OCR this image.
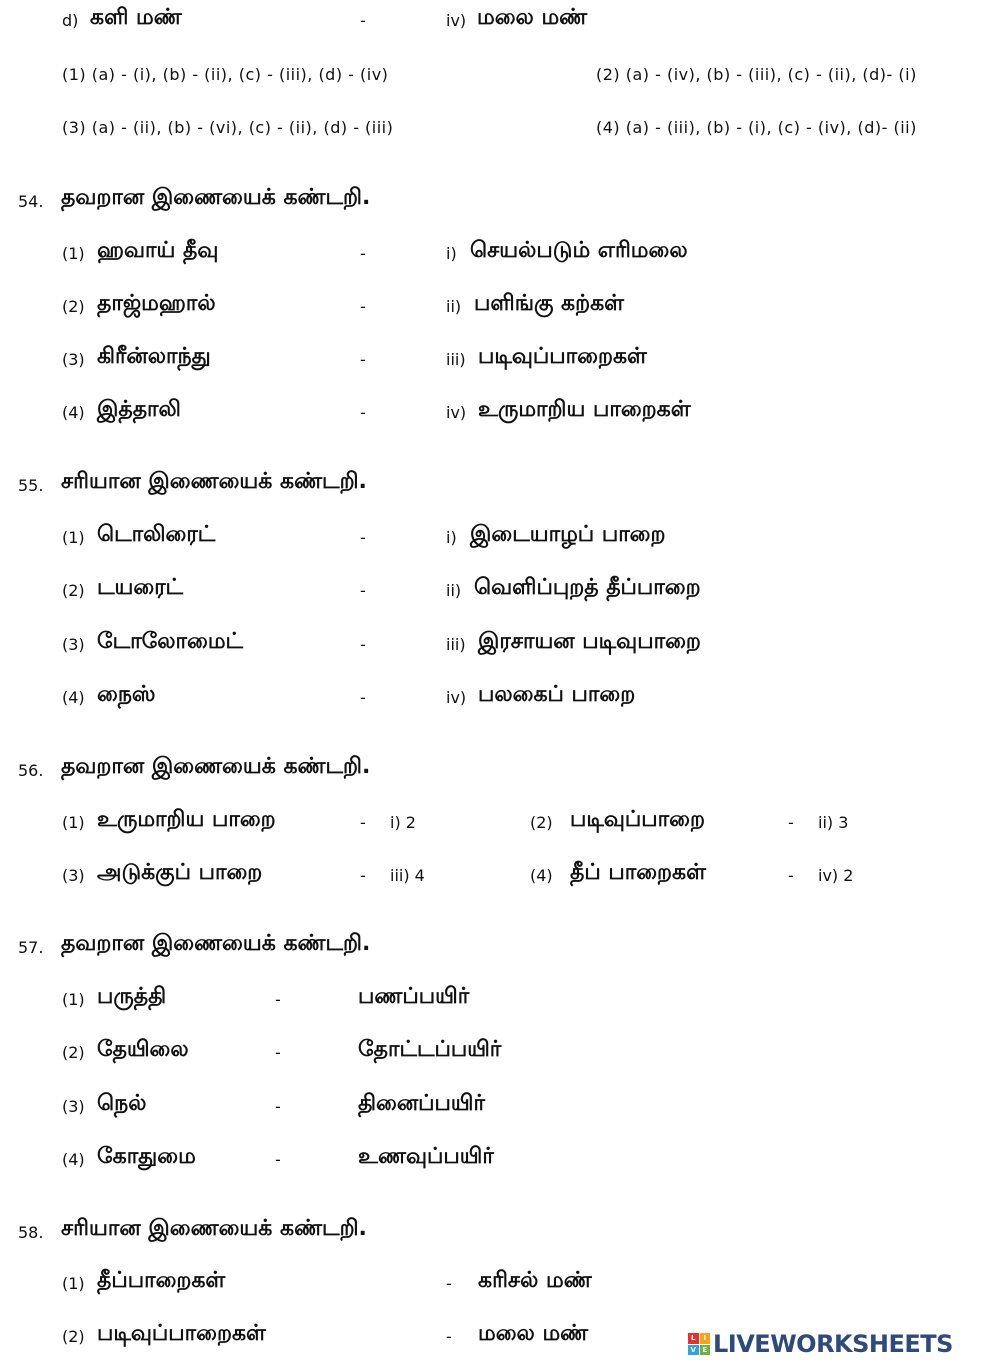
d) களி மண்	-	iv) மலை மண்
(1) (a) - (i), (b) - (ii), (c) - (iii), (d) - (iv)	(2) (a) - (iv), (b) - (iii), (c) - (ii), (d)- (i)
(3) (a) - (ii), (b) - (vi), (c) - (ii), (d) - (iii)	(4) (a) - (iii), (b) - (i), (c) - (iv), (d)- (ii)
54. தவறான இணையைக் கண்டறி.
(1) ஹவாய் தீவு	-	i) செயல்படும் எரிமலை
(2) தாஜ்மஹால்	-	ii) பளிங்கு கற்கள்
(3) கிரீன்லாந்து	-	iii) படிவுப்பாறைகள்
(4) இத்தாலி	-	iv) உருமாறிய பாறைகள்
55. சரியான இணையைக் கண்டறி.
(1) டொலிரைட்	-	i) இடையாழப் பாறை
(2) டயரைட்	-	ii) வெளிப்புறத் தீப்பாறை
(3) டோலோமைட்	-	iii) இரசாயன படிவுபாறை
(4) நைஸ்	-	iv) பலகைப் பாறை
56. தவறான இணையைக் கண்டறி.
(1) உருமாறிய பாறை	- i) 2	(2) படிவுப்பாறை	- ii) 3
(3) அடுக்குப் பாறை	- iii) 4	(4) தீப் பாறைகள்	- iv) 2
57. தவறான இணையைக் கண்டறி.
(1) பருத்தி	-	பணப்பயிர்
(2) தேயிலை	-	தோட்டப்பயிர்
(3) நெல்	-	தினைப்பயிர்
(4) கோதுமை	-	உணவுப்பயிர்
58. சரியான இணையைக் கண்டறி.
(1) தீப்பாறைகள்	- கரிசல் மண்
(2) படிவுப்பாறைகள்	- மலை மண்	L	I
V E LIVEWORKSHEETS
